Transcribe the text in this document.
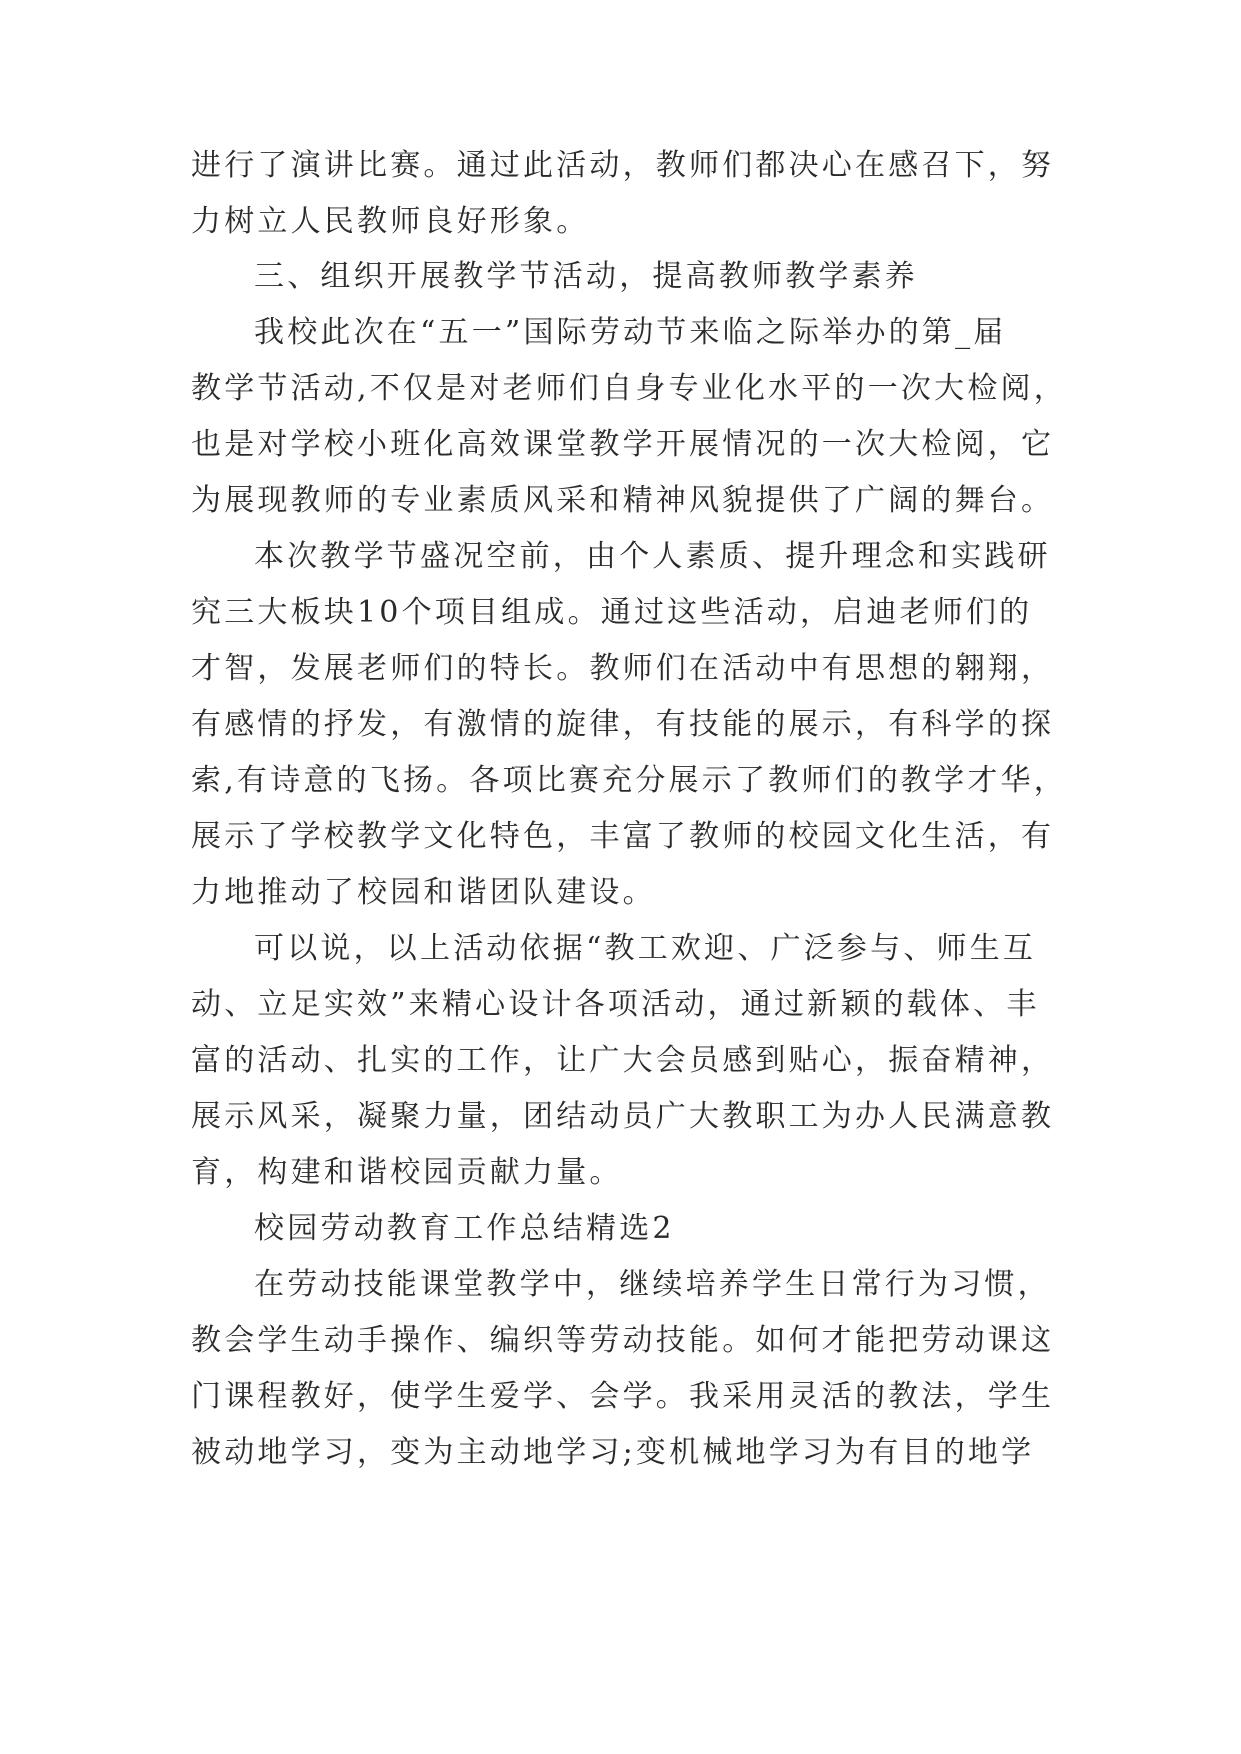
进行了演讲比赛。通过此活动，教师们都决心在感召下，努
力树立人民教师良好形象。
三、组织开展教学节活动，提高教师教学素养
我校此次在“五一”国际劳动节来临之际举办的第_届
教学节活动,不仅是对老师们自身专业化水平的一次大检阅，
也是对学校小班化高效课堂教学开展情况的一次大检阅，它
为展现教师的专业素质风采和精神风貌提供了广阔的舞台。
本次教学节盛况空前，由个人素质、提升理念和实践研
究三大板块10个项目组成。通过这些活动，启迪老师们的
才智，发展老师们的特长。教师们在活动中有思想的翱翔，
有感情的抒发，有激情的旋律，有技能的展示，有科学的探
索,有诗意的飞扬。各项比赛充分展示了教师们的教学才华，
展示了学校教学文化特色，丰富了教师的校园文化生活，有
力地推动了校园和谐团队建设。
可以说，以上活动依据“教工欢迎、广泛参与、师生互
动、立足实效”来精心设计各项活动，通过新颖的载体、丰
富的活动、扎实的工作，让广大会员感到贴心，振奋精神，
展示风采，凝聚力量，团结动员广大教职工为办人民满意教
育，构建和谐校园贡献力量。
校园劳动教育工作总结精选2
在劳动技能课堂教学中，继续培养学生日常行为习惯，
教会学生动手操作、编织等劳动技能。如何才能把劳动课这
门课程教好，使学生爱学、会学。我采用灵活的教法，学生
被动地学习，变为主动地学习;变机械地学习为有目的地学
